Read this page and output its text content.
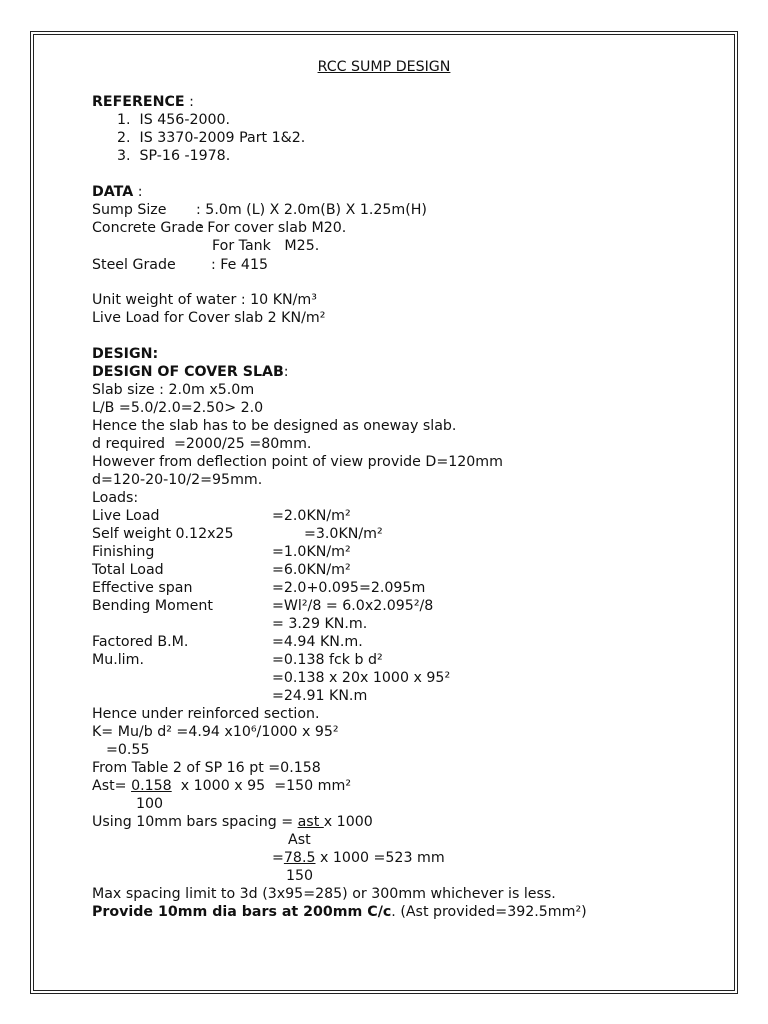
RCC SUMP DESIGN
REFERENCE :
1.  IS 456-2000.
2.  IS 3370-2009 Part 1&2.
3.  SP-16 -1978.
DATA :
Sump Size : 5.0m (L) X 2.0m(B) X 1.25m(H)
Concrete Grade
: For cover slab M20.
For Tank   M25.
Steel Grade : Fe 415
Unit weight of water : 10 KN/m³
Live Load for Cover slab 2 KN/m²
DESIGN:
DESIGN OF COVER SLAB:
Slab size : 2.0m x5.0m
L/B =5.0/2.0=2.50> 2.0
Hence the slab has to be designed as oneway slab.
d required  =2000/25 =80mm.
However from deflection point of view provide D=120mm
d=120-20-10/2=95mm.
Loads:
Live Load	=2.0KN/m²
Self weight 0.12x25	=3.0KN/m²
Finishing	=1.0KN/m²
Total Load	=6.0KN/m²
Effective span	=2.0+0.095=2.095m
Bending Moment	=Wl²/8 = 6.0x2.095²/8
= 3.29 KN.m.
Factored B.M.	=4.94 KN.m.
Mu.lim.	=0.138 fck b d²
=0.138 x 20x 1000 x 95²
=24.91 KN.m
Hence under reinforced section.
K= Mu/b d² =4.94 x10⁶/1000 x 95²
=0.55
From Table 2 of SP 16 pt =0.158
Ast= 0.158  x 1000 x 95  =150 mm²
100
Using 10mm bars spacing = ast x 1000
Ast
=78.5 x 1000 =523 mm
150
Max spacing limit to 3d (3x95=285) or 300mm whichever is less.
Provide 10mm dia bars at 200mm C/c. (Ast provided=392.5mm²)
